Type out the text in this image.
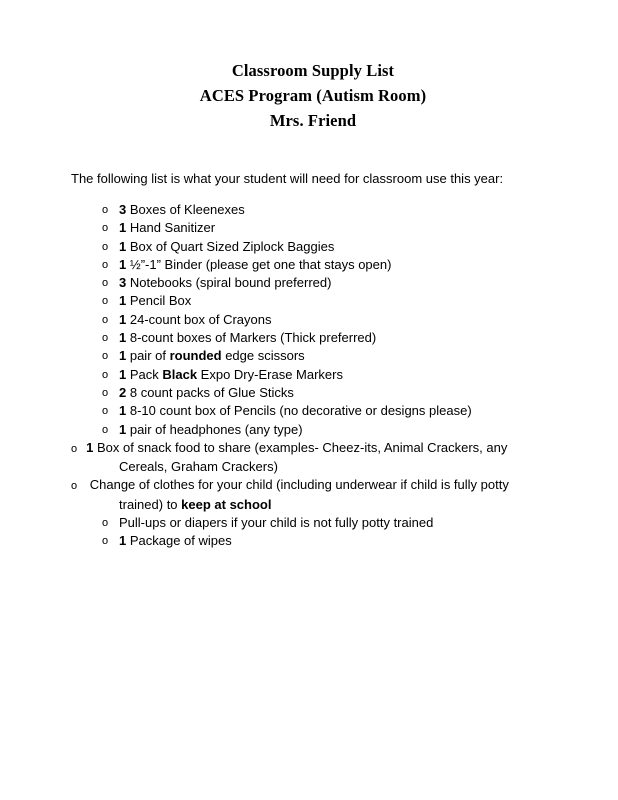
Classroom Supply List
ACES Program (Autism Room)
Mrs. Friend

The following list is what your student will need for classroom use this year:

o 3 Boxes of Kleenexes
o 1 Hand Sanitizer
o 1 Box of Quart Sized Ziplock Baggies
o 1 ½”-1” Binder (please get one that stays open)
o 3 Notebooks (spiral bound preferred)
o 1 Pencil Box
o 1 24-count box of Crayons
o 1 8-count boxes of Markers (Thick preferred)
o 1 pair of rounded edge scissors
o 1 Pack Black Expo Dry-Erase Markers
o 2 8 count packs of Glue Sticks
o 1 8-10 count box of Pencils (no decorative or designs please)
o 1 pair of headphones (any type)
o 1 Box of snack food to share (examples- Cheez-its, Animal Crackers, any Cereals, Graham Crackers)
o Change of clothes for your child (including underwear if child is fully potty trained) to keep at school
o Pull-ups or diapers if your child is not fully potty trained
o 1 Package of wipes
